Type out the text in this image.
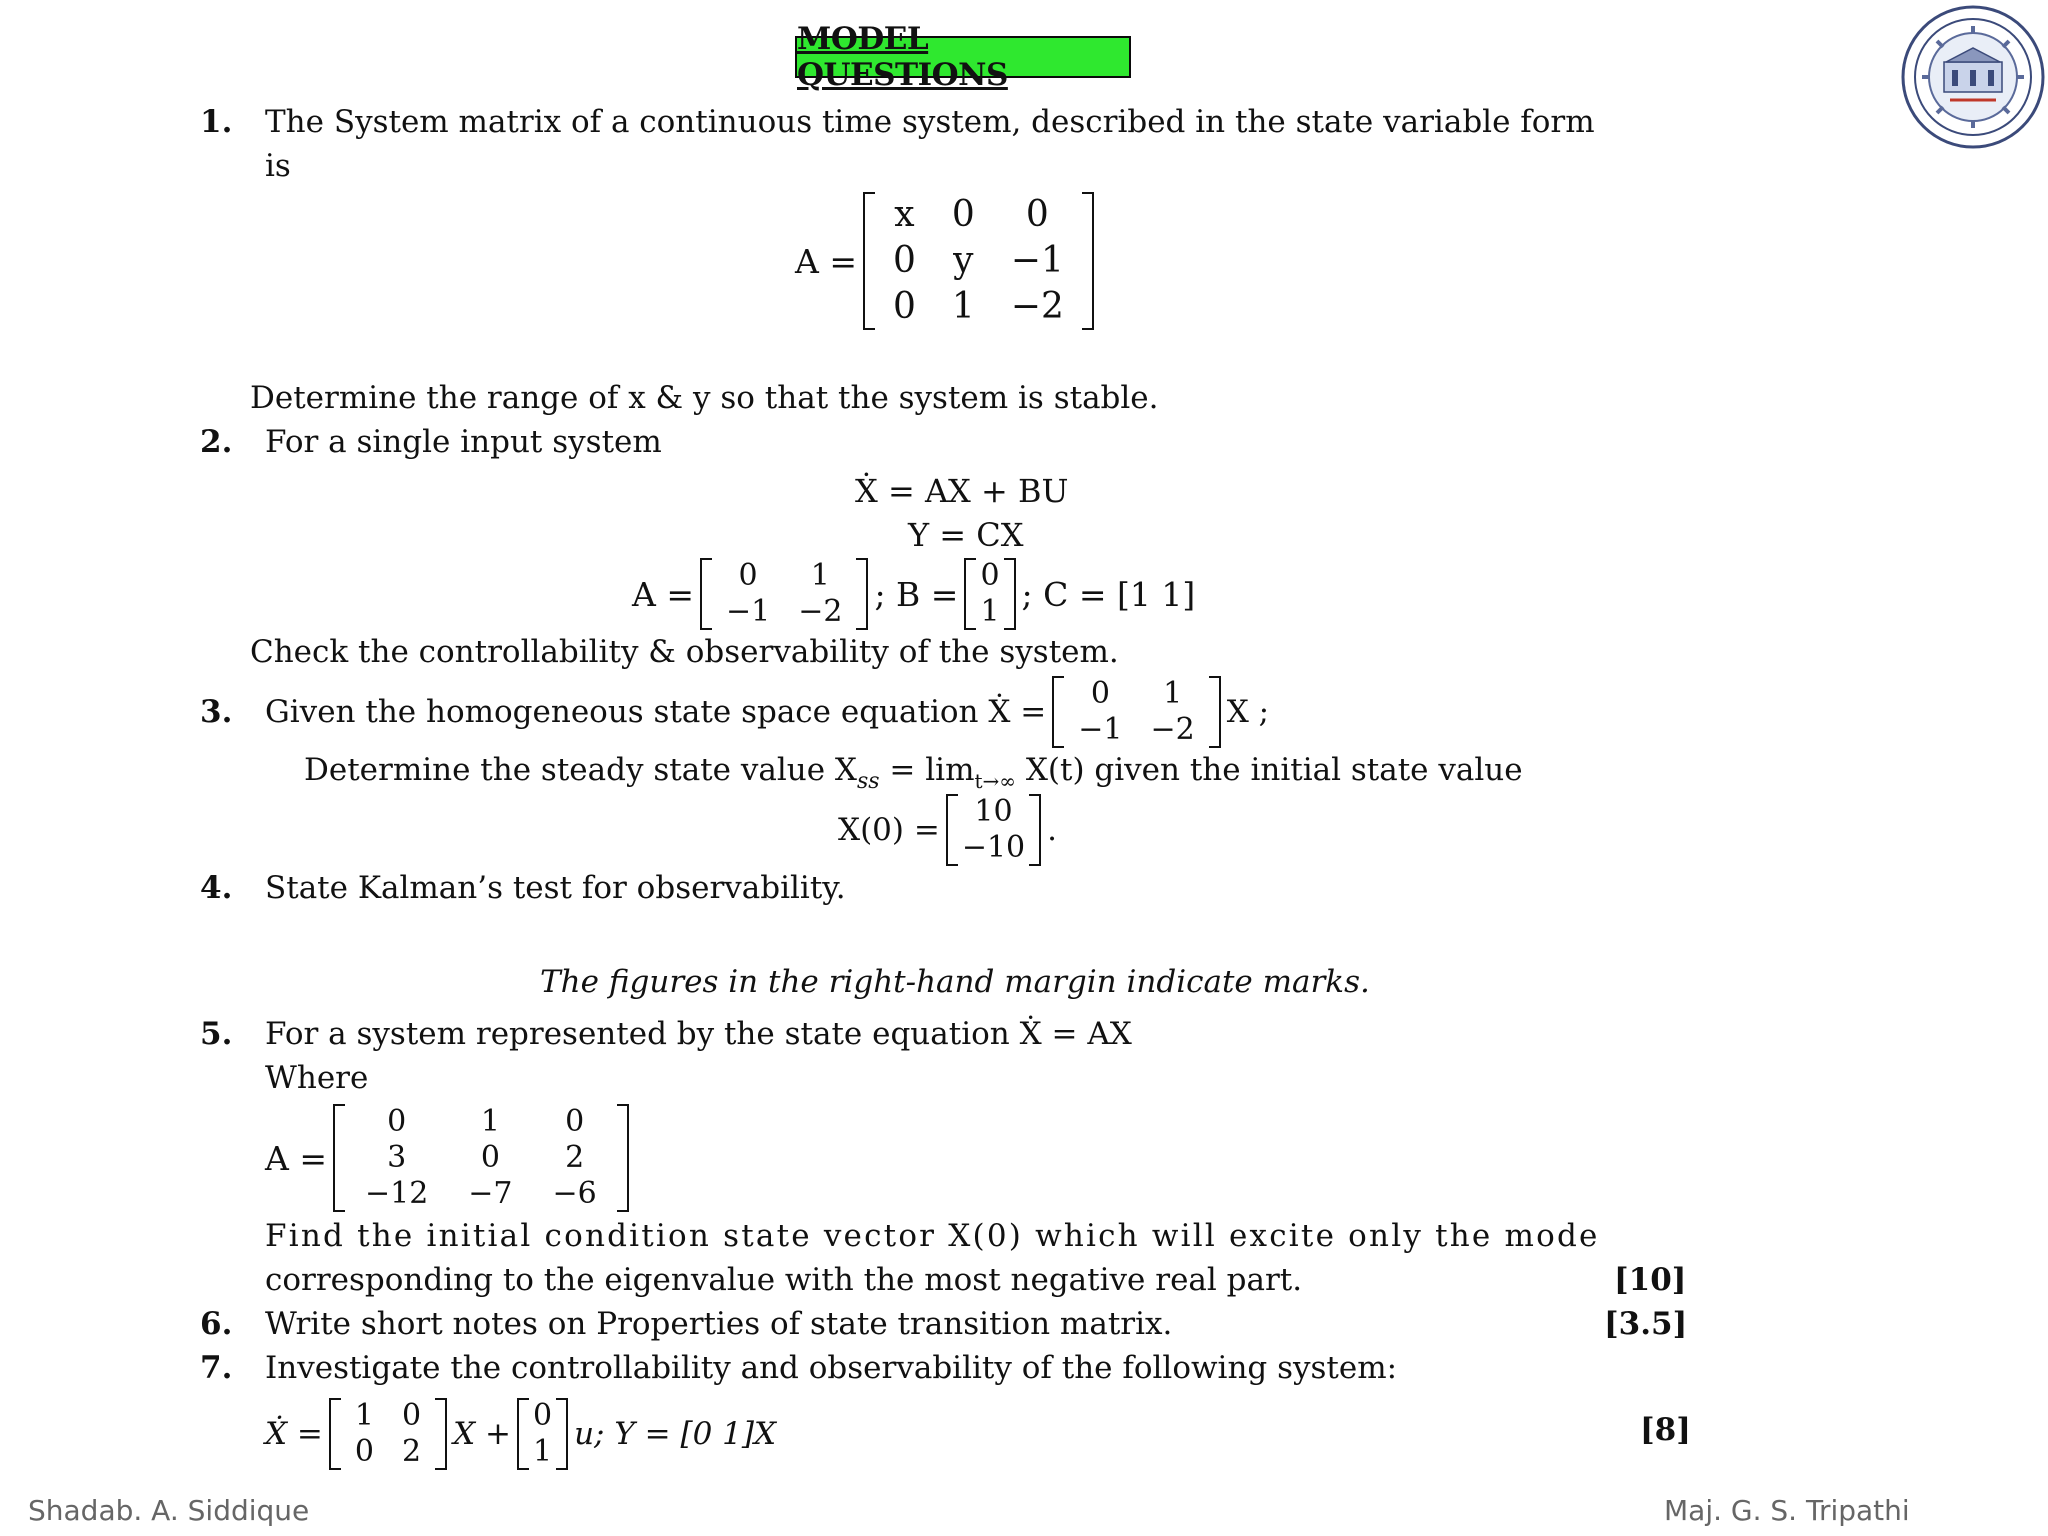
MODEL QUESTIONS
1. The System matrix of a continuous time system, described in the state variable form
is
A =
x	0	0
0	y	−1
0	1	−2
Determine the range of x & y so that the system is stable.
2. For a single input system
Ẋ = AX + BU
Y = CX
A = 0	1
−1	−2 ; B = 0
1 ; C = [1 1]
Check the controllability & observability of the system.
3. Given the homogeneous state space equation Ẋ =
0	1
−1	−2 X ;
Determine the steady state value $X_{ss} = \lim_{t\to\infty} X(t)$ given the initial state value
X(0) =
10
−10 .
4. State Kalman’s test for observability.
The figures in the right-hand margin indicate marks.
5. For a system represented by the state equation Ẋ = AX
Where
A =
0	1	0
3	0	2
−12	−7	−6
Find the initial condition state vector X(0) which will excite only the mode
corresponding to the eigenvalue with the most negative real part.	[10]
6. Write short notes on Properties of state transition matrix.	[3.5]
7. Investigate the controllability and observability of the following system:
Ẋ =
1	0
0	2 X +
0
1 u; Y = [0 1]X	[8]
Shadab. A. Siddique	Maj. G. S. Tripathi
